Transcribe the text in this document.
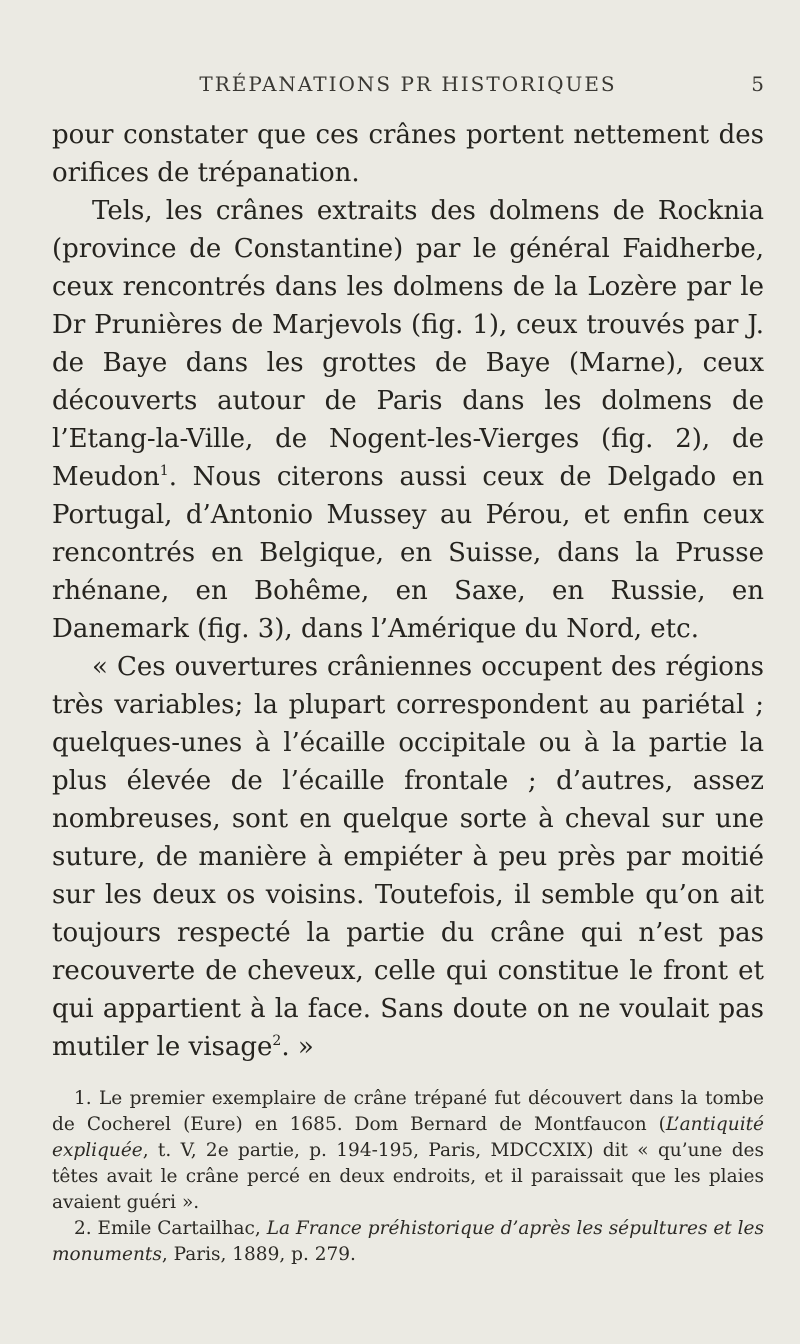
TRÉPANATIONS PR HISTORIQUES	5

pour constater que ces crânes portent nettement des orifices de trépanation.

Tels, les crânes extraits des dolmens de Rocknia (province de Constantine) par le général Faidherbe, ceux rencontrés dans les dolmens de la Lozère par le Dr Prunières de Marjevols (fig. 1), ceux trouvés par J. de Baye dans les grottes de Baye (Marne), ceux découverts autour de Paris dans les dolmens de l’Etang-la-Ville, de Nogent-les-Vierges (fig. 2), de Meudon$^1$. Nous citerons aussi ceux de Delgado en Portugal, d’Antonio Mussey au Pérou, et enfin ceux rencontrés en Belgique, en Suisse, dans la Prusse rhénane, en Bohême, en Saxe, en Russie, en Danemark (fig. 3), dans l’Amérique du Nord, etc.

« Ces ouvertures crâniennes occupent des régions très variables; la plupart correspondent au pariétal ; quelques-unes à l’écaille occipitale ou à la partie la plus élevée de l’écaille frontale ; d’autres, assez nombreuses, sont en quelque sorte à cheval sur une suture, de manière à empiéter à peu près par moitié sur les deux os voisins. Toutefois, il semble qu’on ait toujours respecté la partie du crâne qui n’est pas recouverte de cheveux, celle qui constitue le front et qui appartient à la face. Sans doute on ne voulait pas mutiler le visage$^2$. »

1. Le premier exemplaire de crâne trépané fut découvert dans la tombe de Cocherel (Eure) en 1685. Dom Bernard de Montfaucon (L’antiquité expliquée, t. V, 2e partie, p. 194-195, Paris, MDCCXIX) dit « qu’une des têtes avait le crâne percé en deux endroits, et il paraissait que les plaies avaient guéri ».

2. Emile Cartailhac, La France préhistorique d’après les sépultures et les monuments, Paris, 1889, p. 279.
